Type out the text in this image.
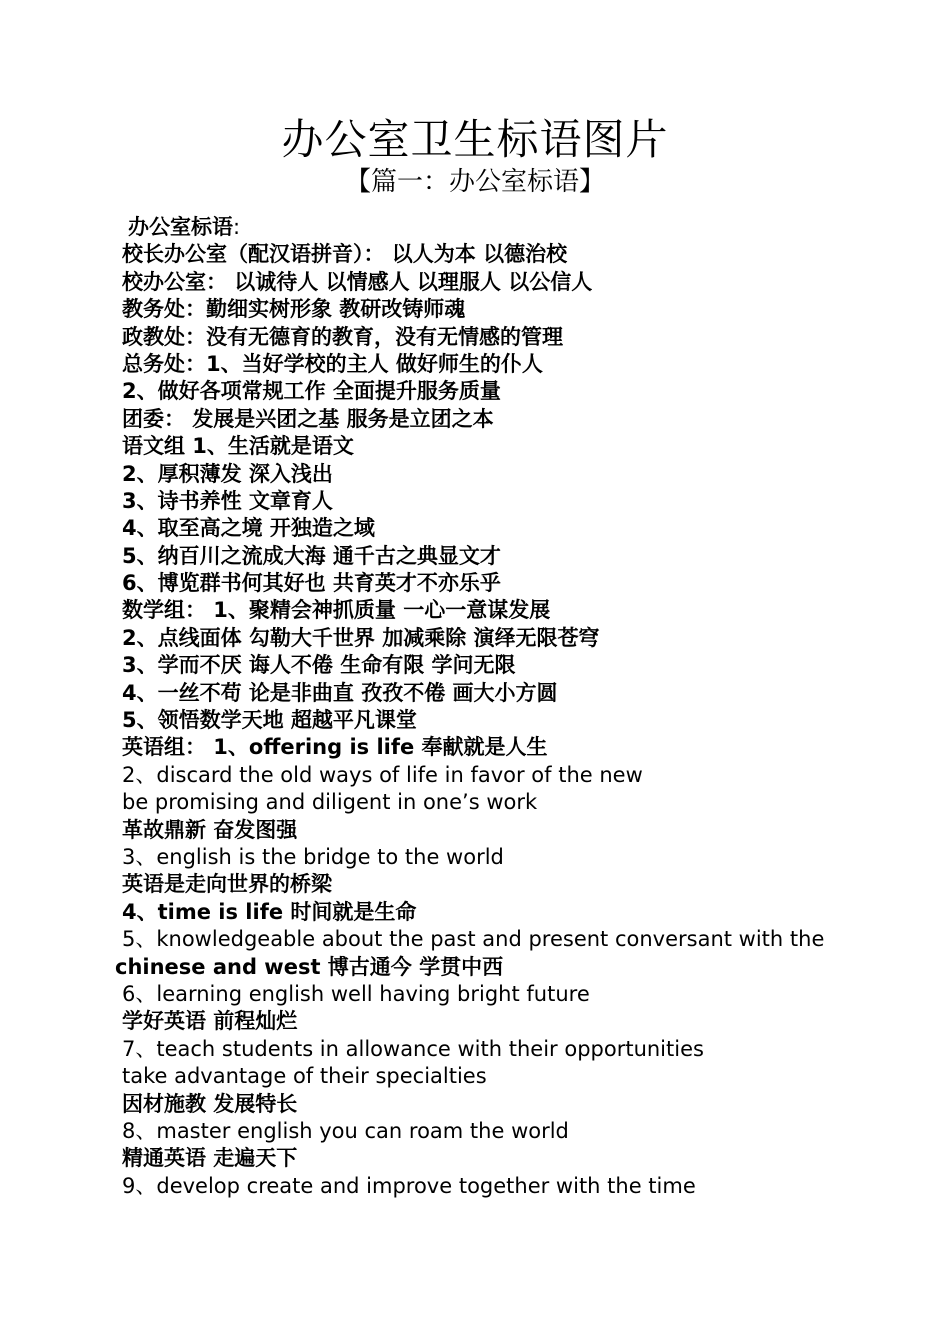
办公室卫生标语图片
【篇一：办公室标语】
办公室标语:
校长办公室（配汉语拼音）： 以人为本 以德治校
校办公室： 以诚待人 以情感人 以理服人 以公信人
教务处：勤细实树形象 教研改铸师魂
政教处：没有无德育的教育，没有无情感的管理
总务处：1、当好学校的主人 做好师生的仆人
2、做好各项常规工作 全面提升服务质量
团委： 发展是兴团之基 服务是立团之本
语文组 1、生活就是语文
2、厚积薄发 深入浅出
3、诗书养性 文章育人
4、取至高之境 开独造之域
5、纳百川之流成大海 通千古之典显文才
6、博览群书何其好也 共育英才不亦乐乎
数学组： 1、聚精会神抓质量 一心一意谋发展
2、点线面体 勾勒大千世界 加减乘除 演绎无限苍穹
3、学而不厌 诲人不倦 生命有限 学问无限
4、一丝不苟 论是非曲直 孜孜不倦 画大小方圆
5、领悟数学天地 超越平凡课堂
英语组： 1、offering is life 奉献就是人生
2、discard the old ways of life in favor of the new
be promising and diligent in one’s work
革故鼎新 奋发图强
3、english is the bridge to the world
英语是走向世界的桥梁
4、time is life 时间就是生命
5、knowledgeable about the past and present conversant with the
chinese and west 博古通今 学贯中西
6、learning english well having bright future
学好英语 前程灿烂
7、teach students in allowance with their opportunities
take advantage of their specialties
因材施教 发展特长
8、master english you can roam the world
精通英语 走遍天下
9、develop create and improve together with the time
